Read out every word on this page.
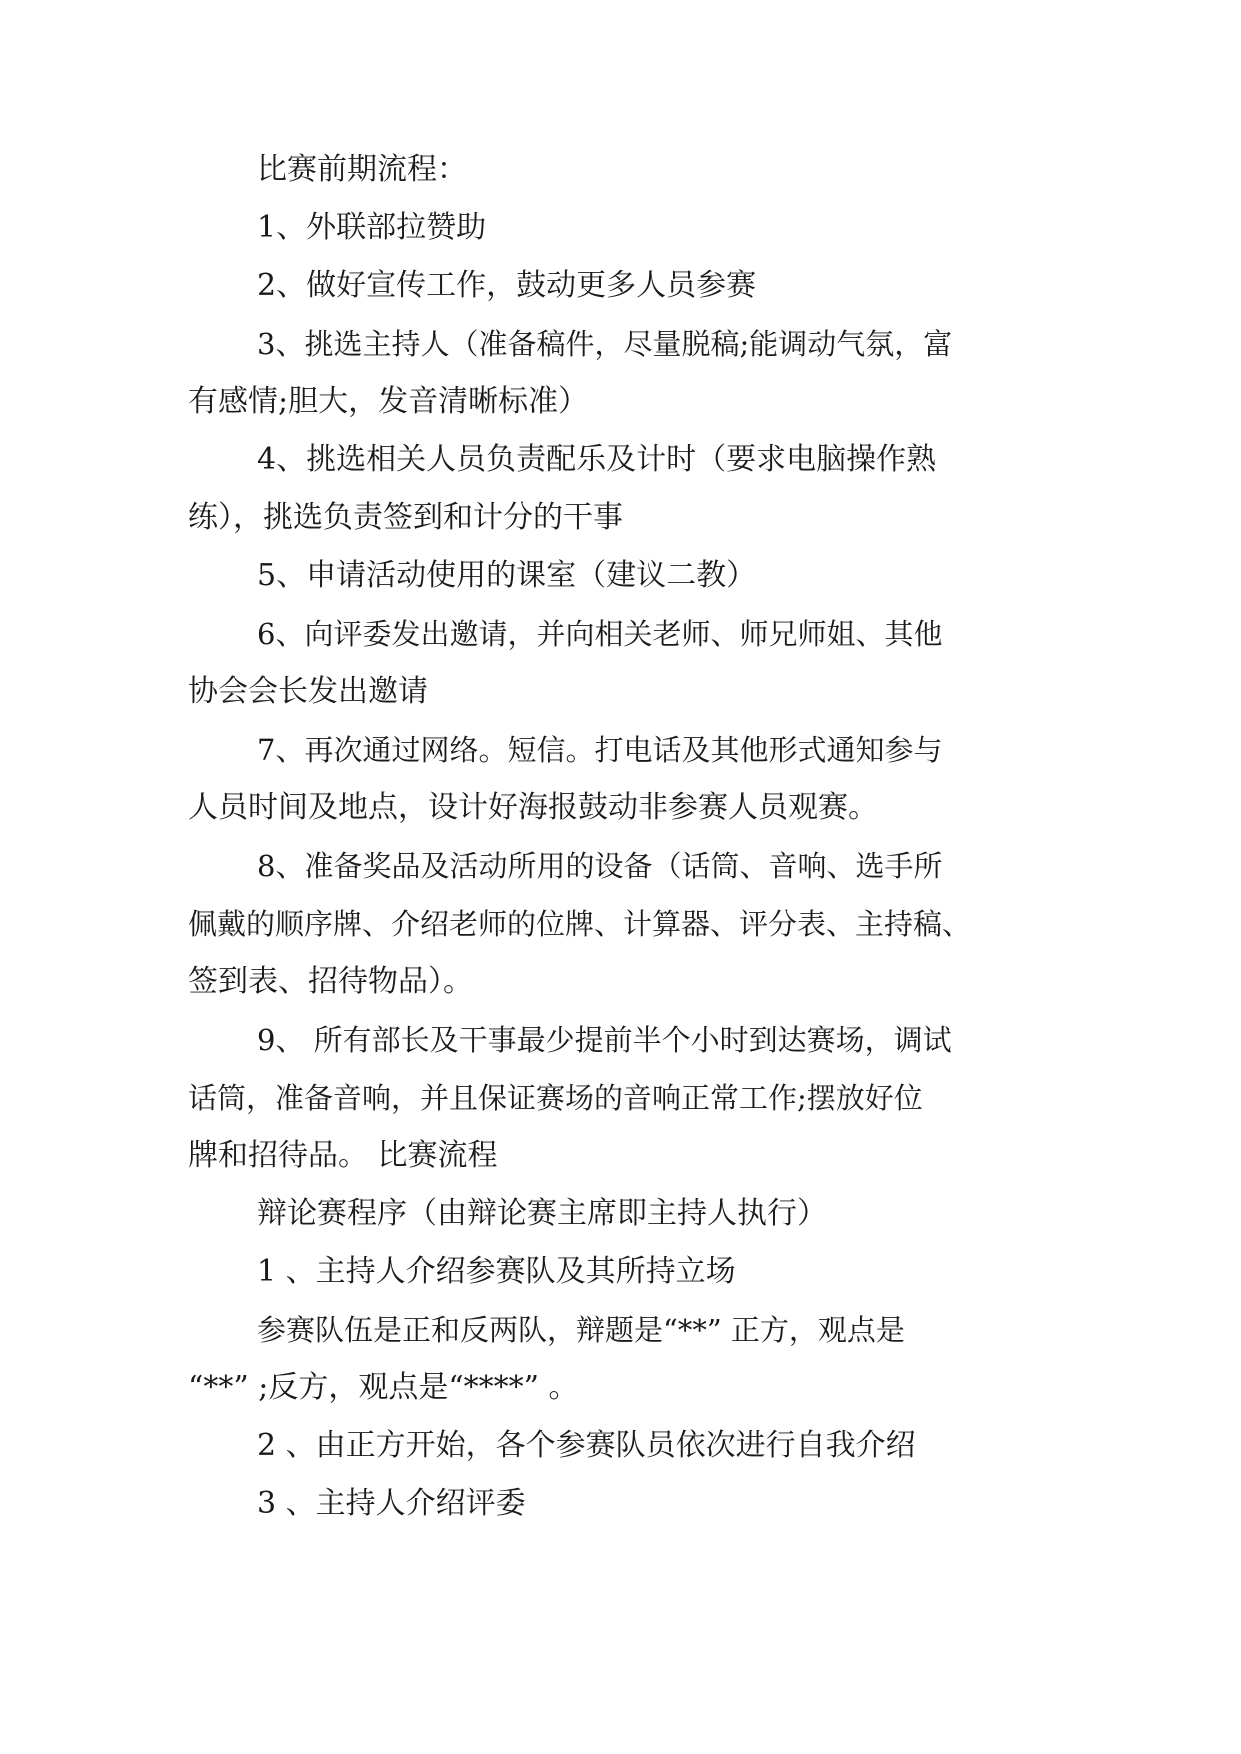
比赛前期流程：
1、外联部拉赞助
2、做好宣传工作，鼓动更多人员参赛
3、挑选主持人（准备稿件，尽量脱稿;能调动气氛，富
有感情;胆大，发音清晰标准）
4、挑选相关人员负责配乐及计时（要求电脑操作熟
练），挑选负责签到和计分的干事
5、申请活动使用的课室（建议二教）
6、向评委发出邀请，并向相关老师、师兄师姐、其他
协会会长发出邀请
7、再次通过网络。短信。打电话及其他形式通知参与
人员时间及地点，设计好海报鼓动非参赛人员观赛。
8、准备奖品及活动所用的设备（话筒、音响、选手所
佩戴的顺序牌、介绍老师的位牌、计算器、评分表、主持稿、
签到表、招待物品）。
9、 所有部长及干事最少提前半个小时到达赛场，调试
话筒，准备音响，并且保证赛场的音响正常工作;摆放好位
牌和招待品。 比赛流程
辩论赛程序（由辩论赛主席即主持人执行）
1 、主持人介绍参赛队及其所持立场
参赛队伍是正和反两队，辩题是“**” 正方，观点是
“**” ;反方，观点是“****” 。
2 、由正方开始，各个参赛队员依次进行自我介绍
3 、主持人介绍评委
